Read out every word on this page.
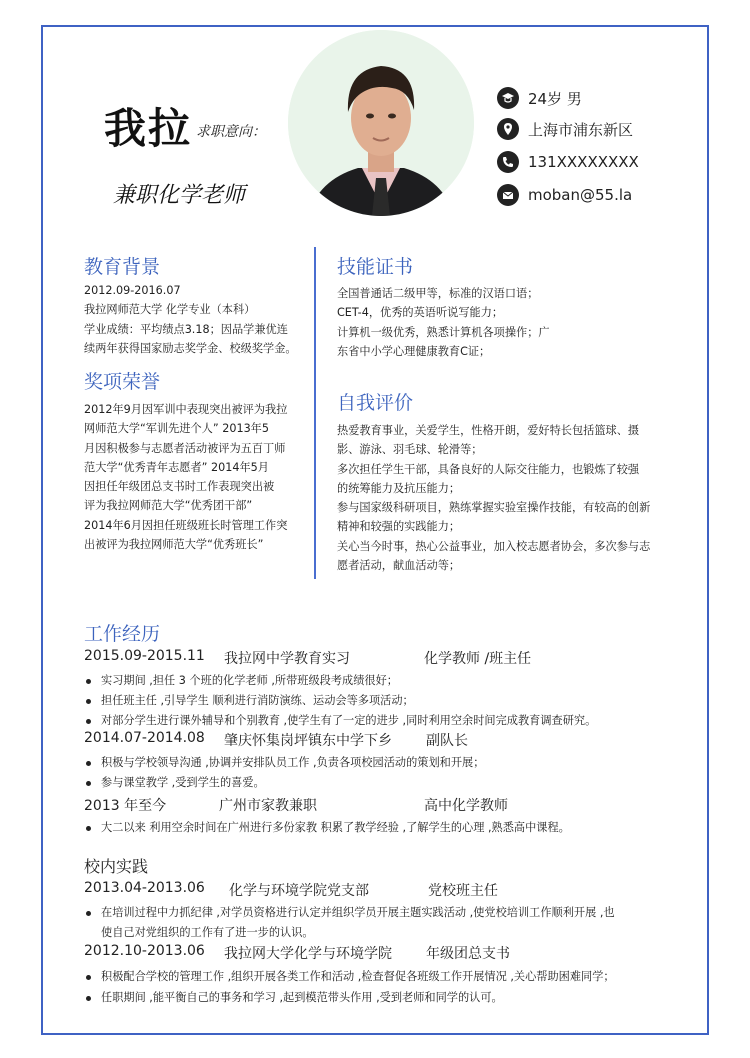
我拉 求职意向：
兼职化学老师
24岁 男
上海市浦东新区
131XXXXXXXX
moban@55.la
教育背景
2012.09-2016.07
我拉网师范大学 化学专业（本科）
学业成绩：平均绩点3.18；因品学兼优连
续两年获得国家励志奖学金、校级奖学金。
奖项荣誉
2012年9月因军训中表现突出被评为我拉
网师范大学“军训先进个人” 2013年5
月因积极参与志愿者活动被评为五百丁师
范大学“优秀青年志愿者” 2014年5月
因担任年级团总支书时工作表现突出被
评为我拉网师范大学“优秀团干部”
2014年6月因担任班级班长时管理工作突
出被评为我拉网师范大学“优秀班长”
技能证书
全国普通话二级甲等，标准的汉语口语；
CET-4，优秀的英语听说写能力；
计算机一级优秀，熟悉计算机各项操作；广
东省中小学心理健康教育C证；
自我评价
热爱教育事业，关爱学生，性格开朗，爱好特长包括篮球、摄
影、游泳、羽毛球、轮滑等；
多次担任学生干部，具备良好的人际交往能力，也锻炼了较强
的统筹能力及抗压能力；
参与国家级科研项目，熟练掌握实验室操作技能，有较高的创新
精神和较强的实践能力；
关心当今时事，热心公益事业，加入校志愿者协会，多次参与志
愿者活动，献血活动等；
工作经历
2015.09-2015.11 我拉网中学教育实习	化学教师 /班主任
实习期间 ,担任 3 个班的化学老师 ,所带班级段考成绩很好；
担任班主任 ,引导学生 顺利进行消防演练、运动会等多项活动；
对部分学生进行课外辅导和个别教育 ,使学生有了一定的进步 ,同时利用空余时间完成教育调查研究。
2014.07-2014.08 肇庆怀集岗坪镇东中学下乡 副队长
积极与学校领导沟通 ,协调并安排队员工作 ,负责各项校园活动的策划和开展；
参与课堂教学 ,受到学生的喜爱。
2013 年至今	广州市家教兼职	高中化学教师
大二以来 利用空余时间在广州进行多份家教 积累了教学经验 ,了解学生的心理 ,熟悉高中课程。
校内实践
2013.04-2013.06 化学与环境学院党支部	党校班主任
在培训过程中力抓纪律 ,对学员资格进行认定并组织学员开展主题实践活动 ,使党校培训工作顺利开展 ,也
使自己对党组织的工作有了进一步的认识。
2012.10-2013.06 我拉网大学化学与环境学院 年级团总支书
积极配合学校的管理工作 ,组织开展各类工作和活动 ,检查督促各班级工作开展情况 ,关心帮助困难同学；
任职期间 ,能平衡自己的事务和学习 ,起到模范带头作用 ,受到老师和同学的认可。
